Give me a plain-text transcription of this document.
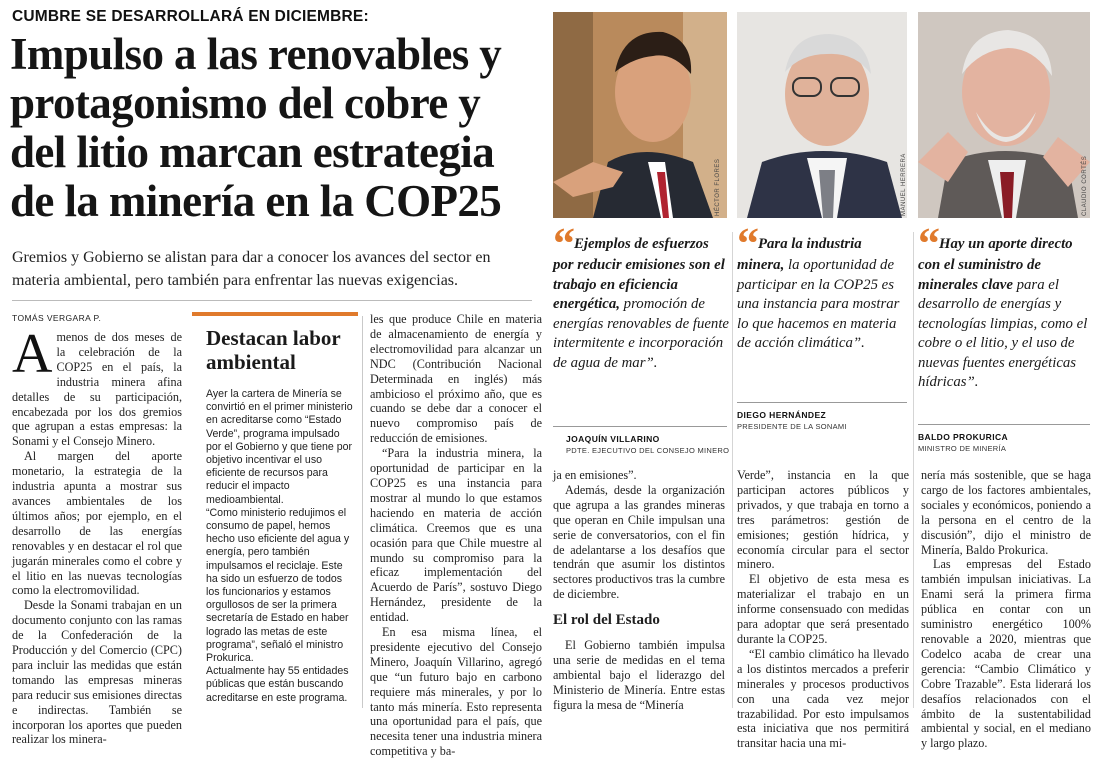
CUMBRE SE DESARROLLARÁ EN DICIEMBRE:
Impulso a las renovables y protagonismo del cobre y del litio marcan estrategia de la minería en la COP25
Gremios y Gobierno se alistan para dar a conocer los avances del sector en materia ambiental, pero también para enfrentar las nuevas exigencias.
TOMÁS VERGARA P.

Amenos de dos meses de la celebración de la COP25 en el país, la industria minera afina detalles de su participación, encabezada por los dos gremios que agrupan a estas empresas: la Sonami y el Consejo Minero.

Al margen del aporte monetario, la estrategia de la industria apunta a mostrar sus avances ambientales de los últimos años; por ejemplo, en el desarrollo de las energías renovables y en destacar el rol que jugarán minerales como el cobre y el litio en las nuevas tecnologías como la electromovilidad.

Desde la Sonami trabajan en un documento conjunto con las ramas de la Confederación de la Producción y del Comercio (CPC) para incluir las medidas que están tomando las empresas mineras para reducir sus emisiones directas e indirectas. También se incorporan los aportes que pueden realizar los minera-

Destacan labor ambiental

Ayer la cartera de Minería se convirtió en el primer ministerio en acreditarse como “Estado Verde”, programa impulsado por el Gobierno y que tiene por objetivo incentivar el uso eficiente de recursos para reducir el impacto medioambiental.

“Como ministerio redujimos el consumo de papel, hemos hecho uso eficiente del agua y energía, pero también impulsamos el reciclaje. Este ha sido un esfuerzo de todos los funcionarios y estamos orgullosos de ser la primera secretaría de Estado en haber logrado las metas de este programa”, señaló el ministro Prokurica.

Actualmente hay 55 entidades públicas que están buscando acreditarse en este programa.

les que produce Chile en materia de almacenamiento de energía y electromovilidad para alcanzar un NDC (Contribución Nacional Determinada en inglés) más ambicioso el próximo año, que es cuando se debe dar a conocer el nuevo compromiso país de reducción de emisiones.

“Para la industria minera, la oportunidad de participar en la COP25 es una instancia para mostrar al mundo lo que estamos haciendo en materia de acción climática. Creemos que es una ocasión para que Chile muestre al mundo su compromiso para la eficaz implementación del Acuerdo de París”, sostuvo Diego Hernández, presidente de la entidad.

En esa misma línea, el presidente ejecutivo del Consejo Minero, Joaquín Villarino, agregó que “un futuro bajo en carbono requiere más minerales, y por lo tanto más minería. Esto representa una oportunidad para el país, que necesita tener una industria minera competitiva y ba-

ja en emisiones”.

Además, desde la organización que agrupa a las grandes mineras que operan en Chile impulsan una serie de conversatorios, con el fin de adelantarse a los desafíos que tendrán que asumir los distintos sectores productivos tras la cumbre de diciembre.

El rol del Estado

El Gobierno también impulsa una serie de medidas en el tema ambiental bajo el liderazgo del Ministerio de Minería. Entre estas figura la mesa de “Minería

Verde”, instancia en la que participan actores públicos y privados, y que trabaja en torno a tres parámetros: gestión de emisiones; gestión hídrica, y economía circular para el sector minero.

El objetivo de esta mesa es materializar el trabajo en un informe consensuado con medidas para adoptar que será presentado durante la COP25.

“El cambio climático ha llevado a los distintos mercados a preferir minerales y procesos productivos con una cada vez mejor trazabilidad. Por esto impulsamos esta iniciativa que nos permitirá transitar hacia una mi-

nería más sostenible, que se haga cargo de los factores ambientales, sociales y económicos, poniendo a la persona en el centro de la discusión”, dijo el ministro de Minería, Baldo Prokurica.

Las empresas del Estado también impulsan iniciativas. La Enami será la primera firma pública en contar con un suministro energético 100% renovable a 2020, mientras que Codelco acaba de crear una gerencia: “Cambio Climático y Cobre Trazable”. Esta liderará los desafíos relacionados con el ámbito de la sustentabilidad ambiental y social, en el mediano y largo plazo.

HÉCTOR FLORES	MANUEL HERRERA	CLAUDIO CORTÉS
“ Ejemplos de esfuerzos por reducir emisiones son el trabajo en eficiencia energética, promoción de energías renovables de fuente intermitente e incorporación de agua de mar”.
JOAQUÍN VILLARINO
PDTE. EJECUTIVO DEL CONSEJO MINERO
“ Para la industria minera, la oportunidad de participar en la COP25 es una instancia para mostrar lo que hacemos en materia de acción climática”.
DIEGO HERNÁNDEZ
PRESIDENTE DE LA SONAMI
“ Hay un aporte directo con el suministro de minerales clave para el desarrollo de energías y tecnologías limpias, como el cobre o el litio, y el uso de nuevas fuentes energéticas hídricas”.
BALDO PROKURICA
MINISTRO DE MINERÍA
